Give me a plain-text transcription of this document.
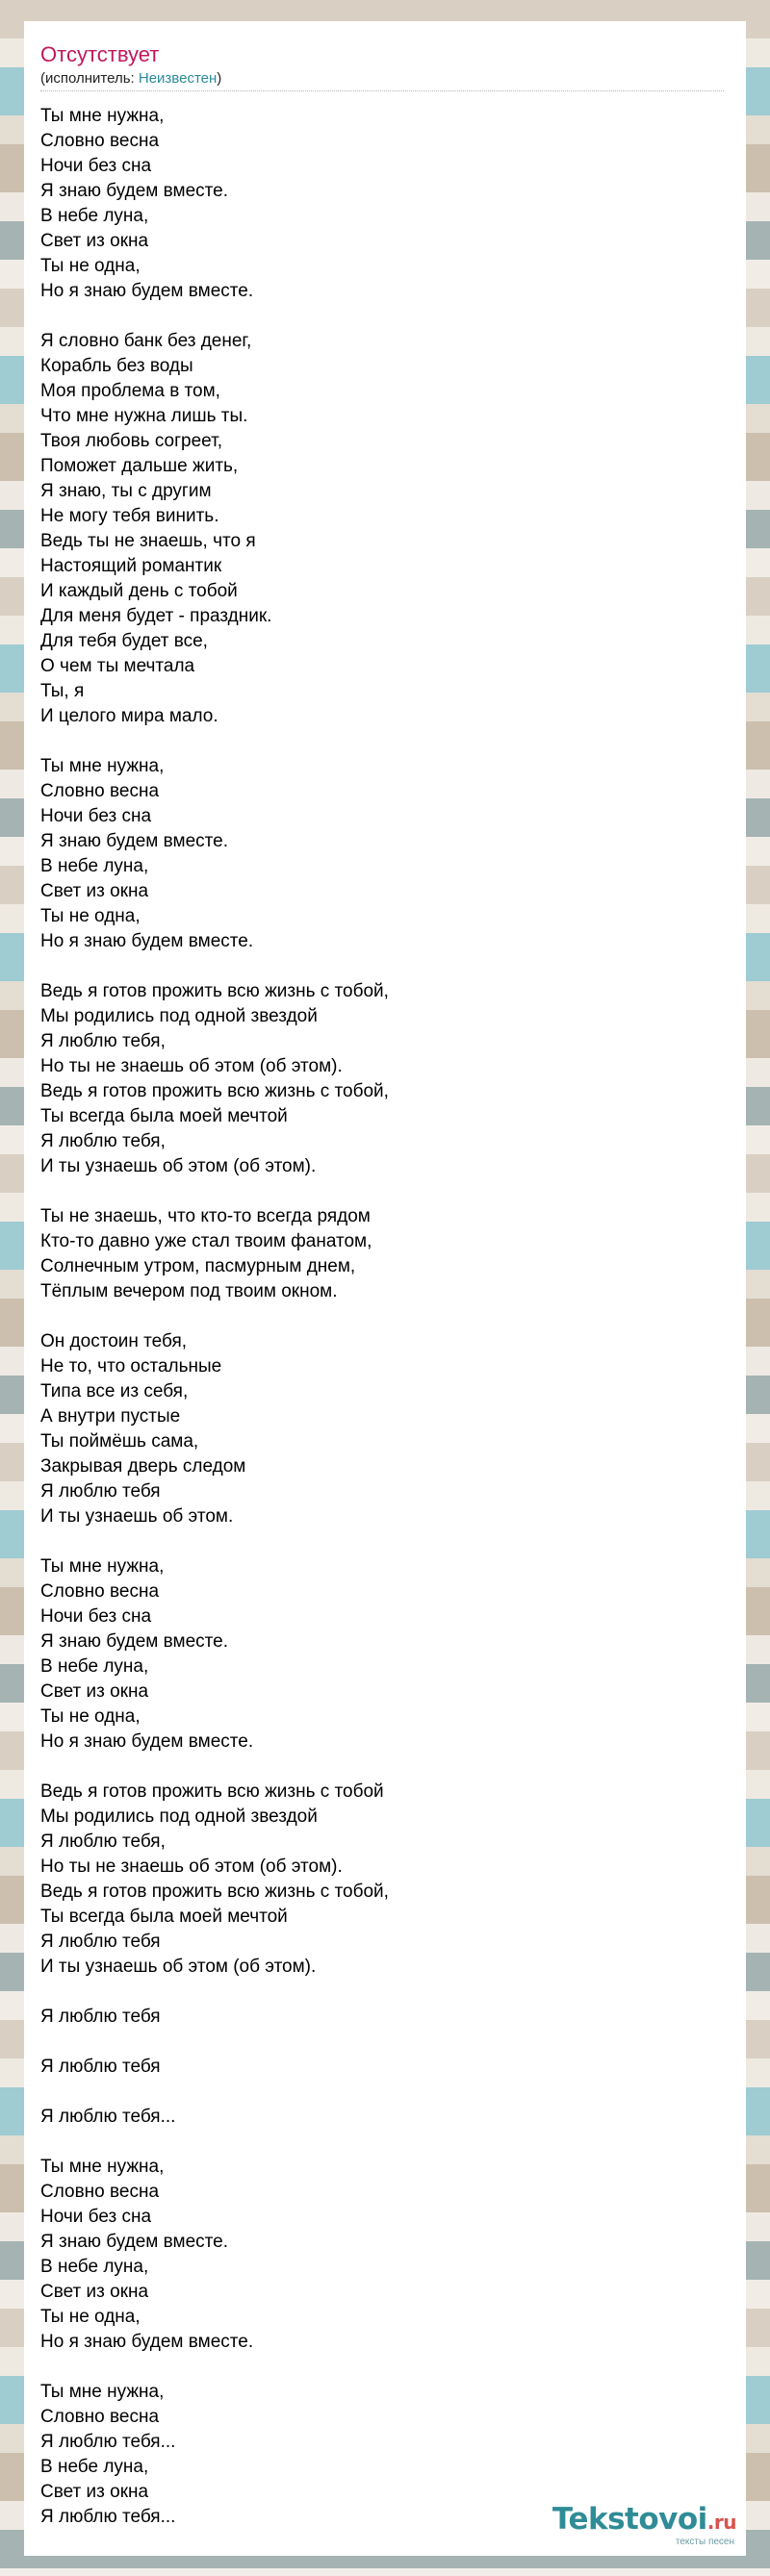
Отсутствует
(исполнитель: Неизвестен)
Ты мне нужна,
Словно весна
Ночи без сна
Я знаю будем вместе.
В небе луна,
Свет из окна
Ты не одна,
Но я знаю будем вместе.
Я словно банк без денег,
Корабль без воды
Моя проблема в том,
Что мне нужна лишь ты.
Твоя любовь согреет,
Поможет дальше жить,
Я знаю, ты с другим
Не могу тебя винить.
Ведь ты не знаешь, что я
Настоящий романтик
И каждый день с тобой
Для меня будет - праздник.
Для тебя будет все,
О чем ты мечтала
Ты, я
И целого мира мало.
Ты мне нужна,
Словно весна
Ночи без сна
Я знаю будем вместе.
В небе луна,
Свет из окна
Ты не одна,
Но я знаю будем вместе.
Ведь я готов прожить всю жизнь с тобой,
Мы родились под одной звездой
Я люблю тебя,
Но ты не знаешь об этом (об этом).
Ведь я готов прожить всю жизнь с тобой,
Ты всегда была моей мечтой
Я люблю тебя,
И ты узнаешь об этом (об этом).
Ты не знаешь, что кто-то всегда рядом
Кто-то давно уже стал твоим фанатом,
Солнечным утром, пасмурным днем,
Тёплым вечером под твоим окном.
Он достоин тебя,
Не то, что остальные
Типа все из себя,
А внутри пустые
Ты поймёшь сама,
Закрывая дверь следом
Я люблю тебя
И ты узнаешь об этом.
Ты мне нужна,
Словно весна
Ночи без сна
Я знаю будем вместе.
В небе луна,
Свет из окна
Ты не одна,
Но я знаю будем вместе.
Ведь я готов прожить всю жизнь с тобой
Мы родились под одной звездой
Я люблю тебя,
Но ты не знаешь об этом (об этом).
Ведь я готов прожить всю жизнь с тобой,
Ты всегда была моей мечтой
Я люблю тебя
И ты узнаешь об этом (об этом).
Я люблю тебя
Я люблю тебя
Я люблю тебя...
Ты мне нужна,
Словно весна
Ночи без сна
Я знаю будем вместе.
В небе луна,
Свет из окна
Ты не одна,
Но я знаю будем вместе.
Ты мне нужна,
Словно весна
Я люблю тебя...
В небе луна,
Свет из окна
Я люблю тебя...	Tekstovoi.ru
тексты песен
